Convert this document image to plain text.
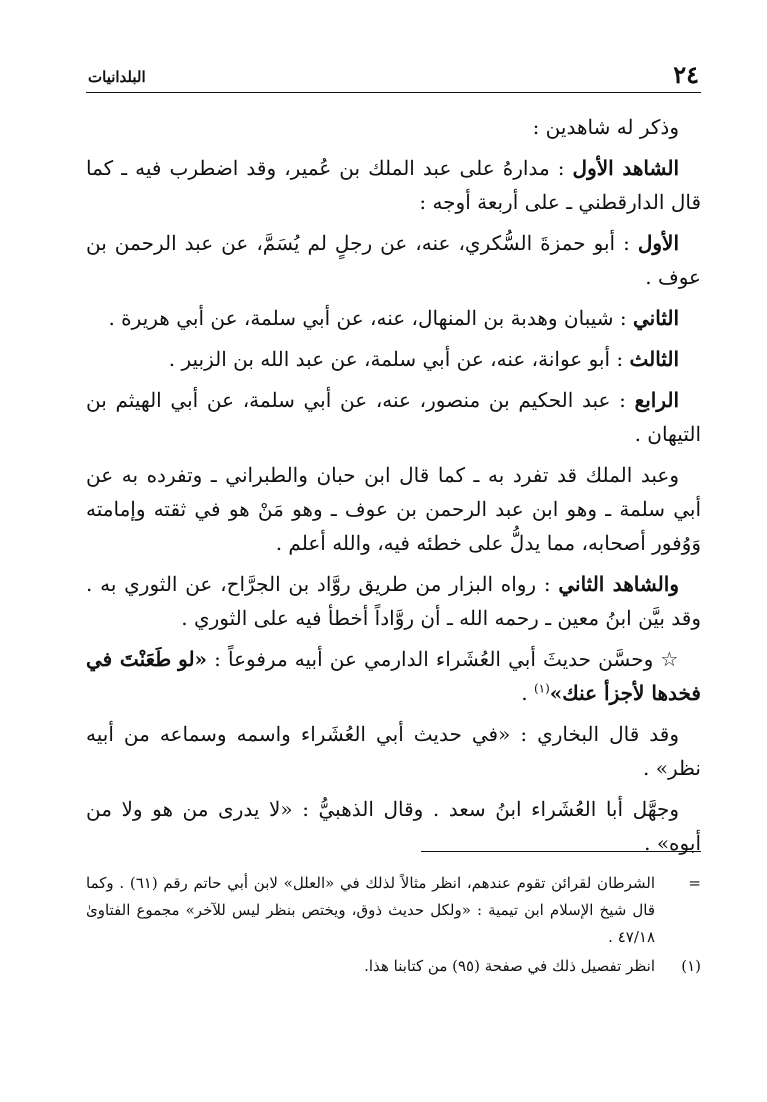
٢٤
البلدانيات

وذكر له شاهدين :

الشاهد الأول : مدارهُ على عبد الملك بن عُمير، وقد اضطرب فيه ـ كما قال الدارقطني ـ على أربعة أوجه :

الأول : أبو حمزةَ السُّكري، عنه، عن رجلٍ لم يُسَمَّ، عن عبد الرحمن بن عوف .

الثاني : شيبان وهدبة بن المنهال، عنه، عن أبي سلمة، عن أبي هريرة .

الثالث : أبو عوانة، عنه، عن أبي سلمة، عن عبد الله بن الزبير .

الرابع : عبد الحكيم بن منصور، عنه، عن أبي سلمة، عن أبي الهيثم بن التيهان .

وعبد الملك قد تفرد به ـ كما قال ابن حبان والطبراني ـ وتفرده به عن أبي سلمة ـ وهو ابن عبد الرحمن بن عوف ـ وهو مَنْ هو في ثقته وإمامته وَوُفور أصحابه، مما يدلُّ على خطئه فيه، والله أعلم .

والشاهد الثاني : رواه البزار من طريق روَّاد بن الجرَّاح، عن الثوري به . وقد بيَّن ابنُ معين ـ رحمه الله ـ أن روَّاداً أخطأ فيه على الثوري .

☆ وحسَّن حديثَ أبي العُشَراء الدارمي عن أبيه مرفوعاً : «لو طَعَنْتَ في فخدها لأجزأ عنك»$^{(١)}$ .

وقد قال البخاري : «في حديث أبي العُشَراء واسمه وسماعه من أبيه نظر» .

وجهَّل أبا العُشَراء ابنُ سعد . وقال الذهبيُّ : «لا يدرى من هو ولا من أبوه» .

=
الشرطان لقرائن تقوم عندهم، انظر مثالاً لذلك في «العلل» لابن أبي حاتم رقم (٦١) . وكما قال شيخ الإسلام ابن تيمية : «ولكل حديث ذوق، ويختص بنظر ليس للآخر» مجموع الفتاوىٰ ٤٧/١٨ .

(١)
انظر تفصيل ذلك في صفحة (٩٥) من كتابنا هذا.
